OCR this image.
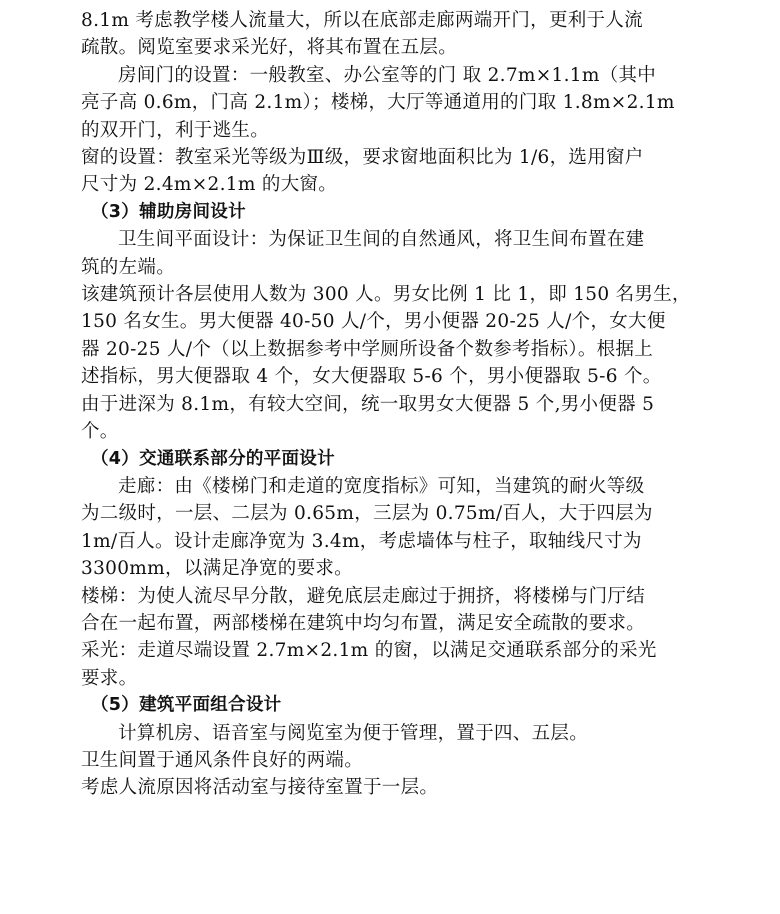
8.1m 考虑教学楼人流量大，所以在底部走廊两端开门，更利于人流
疏散。阅览室要求采光好，将其布置在五层。

房间门的设置：一般教室、办公室等的门 取 2.7m×1.1m（其中
亮子高 0.6m，门高 2.1m）；楼梯，大厅等通道用的门取 1.8m×2.1m
的双开门，利于逃生。

窗的设置：教室采光等级为Ⅲ级，要求窗地面积比为 1/6，选用窗户
尺寸为 2.4m×2.1m 的大窗。

（3）辅助房间设计

卫生间平面设计：为保证卫生间的自然通风，将卫生间布置在建
筑的左端。

该建筑预计各层使用人数为 300 人。男女比例 1 比 1，即 150 名男生，
150 名女生。男大便器 40-50 人/个，男小便器 20-25 人/个，女大便
器 20-25 人/个（以上数据参考中学厕所设备个数参考指标）。根据上
述指标，男大便器取 4 个，女大便器取 5-6 个，男小便器取 5-6 个。
由于进深为 8.1m，有较大空间，统一取男女大便器 5 个,男小便器 5
个。

（4）交通联系部分的平面设计

走廊：由《楼梯门和走道的宽度指标》可知，当建筑的耐火等级
为二级时，一层、二层为 0.65m，三层为 0.75m/百人，大于四层为
1m/百人。设计走廊净宽为 3.4m，考虑墙体与柱子，取轴线尺寸为
3300mm，以满足净宽的要求。

楼梯：为使人流尽早分散，避免底层走廊过于拥挤，将楼梯与门厅结
合在一起布置，两部楼梯在建筑中均匀布置，满足安全疏散的要求。

采光：走道尽端设置 2.7m×2.1m 的窗，以满足交通联系部分的采光
要求。

（5）建筑平面组合设计

计算机房、语音室与阅览室为便于管理，置于四、五层。

卫生间置于通风条件良好的两端。

考虑人流原因将活动室与接待室置于一层。
